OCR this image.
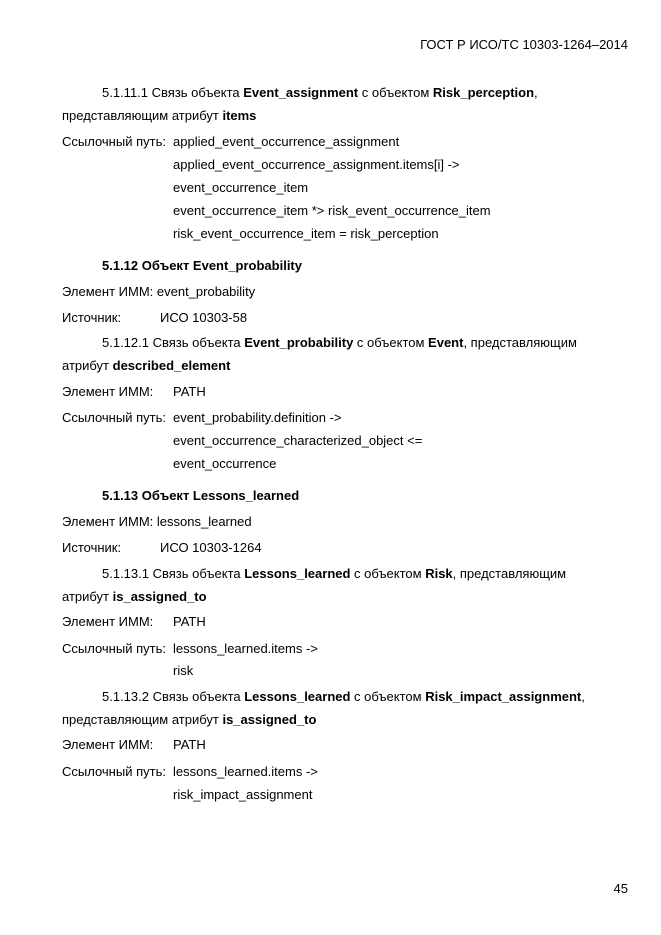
ГОСТ Р ИСО/ТС 10303-1264–2014
5.1.11.1 Связь объекта Event_assignment с объектом Risk_perception,
представляющим атрибут items
Ссылочный путь: applied_event_occurrence_assignment
applied_event_occurrence_assignment.items[i] ->
event_occurrence_item
event_occurrence_item *> risk_event_occurrence_item
risk_event_occurrence_item = risk_perception
5.1.12 Объект Event_probability
Элемент ИММ: event_probability
Источник:	ИСО 10303-58
5.1.12.1 Связь объекта Event_probability с объектом Event, представляющим
атрибут described_element
Элемент ИММ: PATH
Ссылочный путь: event_probability.definition ->
event_occurrence_characterized_object <=
event_occurrence
5.1.13 Объект Lessons_learned
Элемент ИММ: lessons_learned
Источник:	ИСО 10303-1264
5.1.13.1 Связь объекта Lessons_learned с объектом Risk, представляющим
атрибут is_assigned_to
Элемент ИММ: PATH
Ссылочный путь: lessons_learned.items ->
risk
5.1.13.2 Связь объекта Lessons_learned с объектом Risk_impact_assignment,
представляющим атрибут is_assigned_to
Элемент ИММ: PATH
Ссылочный путь: lessons_learned.items ->
risk_impact_assignment
45
